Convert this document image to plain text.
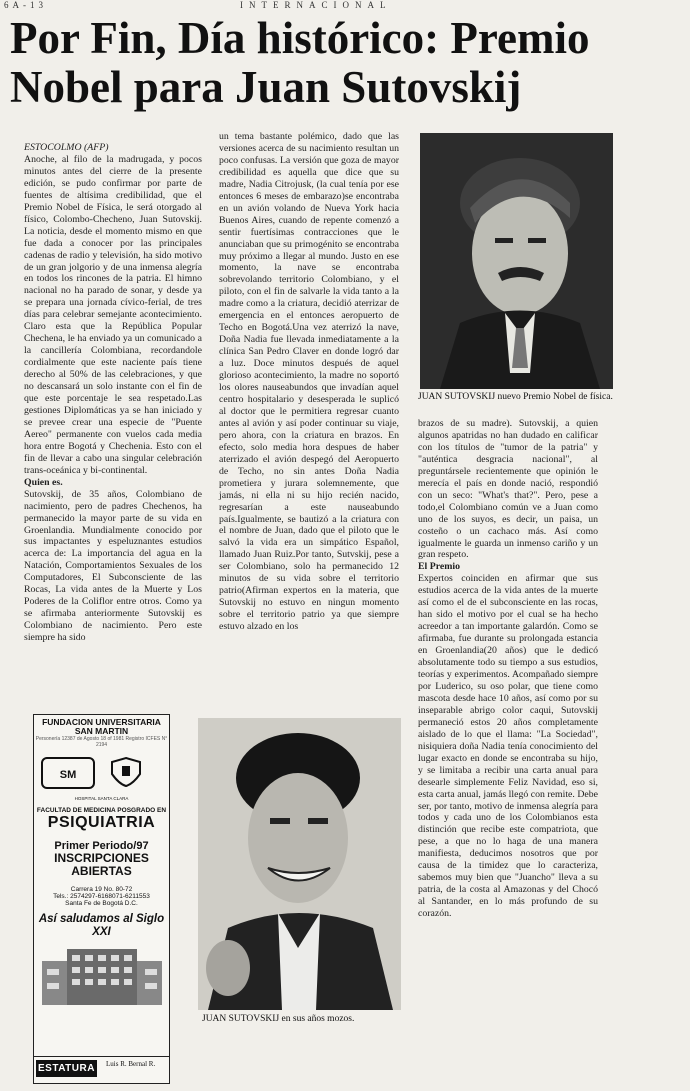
6A-13	INTERNACIONAL
Por Fin, Día histórico: Premio Nobel para Juan Sutovskij

ESTOCOLMO (AFP)

Anoche, al filo de la madrugada, y pocos minutos antes del cierre de la presente edición, se pudo confirmar por parte de fuentes de altísima credibilidad, que el Premio Nobel de Física, le será otorgado al físico, Colombo-Checheno, Juan Sutovskij. La noticia, desde el momento mismo en que fue dada a conocer por las principales cadenas de radio y televisión, ha sido motivo de un gran jolgorio y de una inmensa alegría en todos los rincones de la patria. El himno nacional no ha parado de sonar, y desde ya se prepara una jornada cívico-ferial, de tres días para celebrar semejante acontecimiento. Claro esta que la República Popular Chechena, le ha enviado ya un comunicado a la cancillería Colombiana, recordandole cordialmente que este naciente país tiene derecho al 50% de las celebraciones, y que no descansará un solo instante con el fin de que este porcentaje le sea respetado.Las gestiones Diplomáticas ya se han iniciado y se prevee crear una especie de "Puente Aereo" permanente con vuelos cada media hora entre Bogotá y Chechenia. Esto con el fin de llevar a cabo una singular celebración trans-oceánica y bi-continental.

Quien es.

Sutovskij, de 35 años, Colombiano de nacimiento, pero de padres Chechenos, ha permanecido la mayor parte de su vida en Groenlandia. Mundialmente conocido por sus impactantes y espeluznantes estudios acerca de: La importancia del agua en la Natación, Comportamientos Sexuales de los Computadores, El Subconsciente de las Rocas, La vida antes de la Muerte y Los Poderes de la Coliflor entre otros. Como ya se afirmaba anteriormente Sutovskij es Colombiano de nacimiento. Pero este siempre ha sido

un tema bastante polémico, dado que las versiones acerca de su nacimiento resultan un poco confusas. La versión que goza de mayor credibilidad es aquella que dice que su madre, Nadia Citrojusk, (la cual tenía por ese entonces 6 meses de embarazo)se encontraba en un avión volando de Nueva York hacia Buenos Aires, cuando de repente comenzó a sentir fuertísimas contracciones que le anunciaban que su primogénito se encontraba muy próximo a llegar al mundo. Justo en ese momento, la nave se encontraba sobrevolando territorio Colombiano, y el piloto, con el fin de salvarle la vida tanto a la madre como a la criatura, decidió aterrizar de emergencia en el entonces aeropuerto de Techo en Bogotá.Una vez aterrizó la nave, Doña Nadia fue llevada inmediatamente a la clínica San Pedro Claver en donde logró dar a luz. Doce minutos después de aquel glorioso acontecimiento, la madre no soportó los olores nauseabundos que invadían aquel centro hospitalario y desesperada le suplicó al doctor que le permitiera regresar cuanto antes al avión y así poder continuar su viaje, pero ahora, con la criatura en brazos. En efecto, solo media hora despues de haber aterrizado el avión despegó del Aeropuerto de Techo, no sin antes Doña Nadia prometiera y jurara solemnemente, que jamás, ni ella ni su hijo recién nacido, regresarían a este nauseabundo país.Igualmente, se bautizó a la criatura con el nombre de Juan, dado que el piloto que le salvó la vida era un simpático Español, llamado Juan Ruiz.Por tanto, Sutvskij, pese a ser Colombiano, solo ha permanecido 12 minutos de su vida sobre el territorio patrio(Afirman expertos en la materia, que Sutovskij no estuvo en ningun momento sobre el territorio patrio ya que siempre estuvo alzado en los

JUAN SUTOVSKIJ nuevo Premio Nobel de física.

brazos de su madre). Sutovskij, a quien algunos apatridas no han dudado en calificar con los títulos de "tumor de la patria" y "auténtica desgracia nacional", al preguntársele recientemente que opinión le merecía el país en donde nació, respondió con un seco: "What's that?". Pero, pese a todo,el Colombiano común ve a Juan como uno de los suyos, es decir, un paisa, un costeño o un cachaco más. Así como igualmente le guarda un inmenso cariño y un gran respeto.

El Premio

Expertos coinciden en afirmar que sus estudios acerca de la vida antes de la muerte así como el de el subconsciente en las rocas, han sido el motivo por el cual se ha hecho acreedor a tan importante galardón. Como se afirmaba, fue durante su prolongada estancia en Groenlandia(20 años) que le dedicó absolutamente todo su tiempo a sus estudios, teorías y experimentos. Acompañado siempre por Luderico, su oso polar, que tiene como mascota desde hace 10 años, así como por su inseparable abrigo color caqui, Sutovskij permaneció estos 20 años completamente aislado de lo que el llama: "La Sociedad", nisiquiera doña Nadia tenía conocimiento del lugar exacto en donde se encontraba su hijo, y se limitaba a recibir una carta anual para desearle simplemente Feliz Navidad, eso si, esta carta anual, jamás llegó con remite. Debe ser, por tanto, motivo de inmensa alegría para todos y cada uno de los Colombianos esta distinción que recibe este compatriota, que pese, a que no lo haga de una manera manifiesta, deducimos nosotros que por causa de la timidez que lo caracteriza, sabemos muy bien que "Juancho" lleva a su patria, de la costa al Amazonas y del Chocó al Santander, en lo más profundo de su corazón.

JUAN SUTOVSKIJ en sus años mozos.
FUNDACION UNIVERSITARIA SAN MARTIN
Personería 12387 de Agosto 18 of 1981 Registro ICFES N° 2194
SM
HOSPITAL SANTA CLARA
FACULTAD DE MEDICINA POSGRADO EN
PSIQUIATRIA
Primer Periodo/97
INSCRIPCIONES ABIERTAS
Carrera 19 No. 80-72
Tels.: 2574297-6168071-6211553
Santa Fe de Bogotá D.C.
Así saludamos al Siglo XXI
ESTATURA Luis R. Bernal R.
